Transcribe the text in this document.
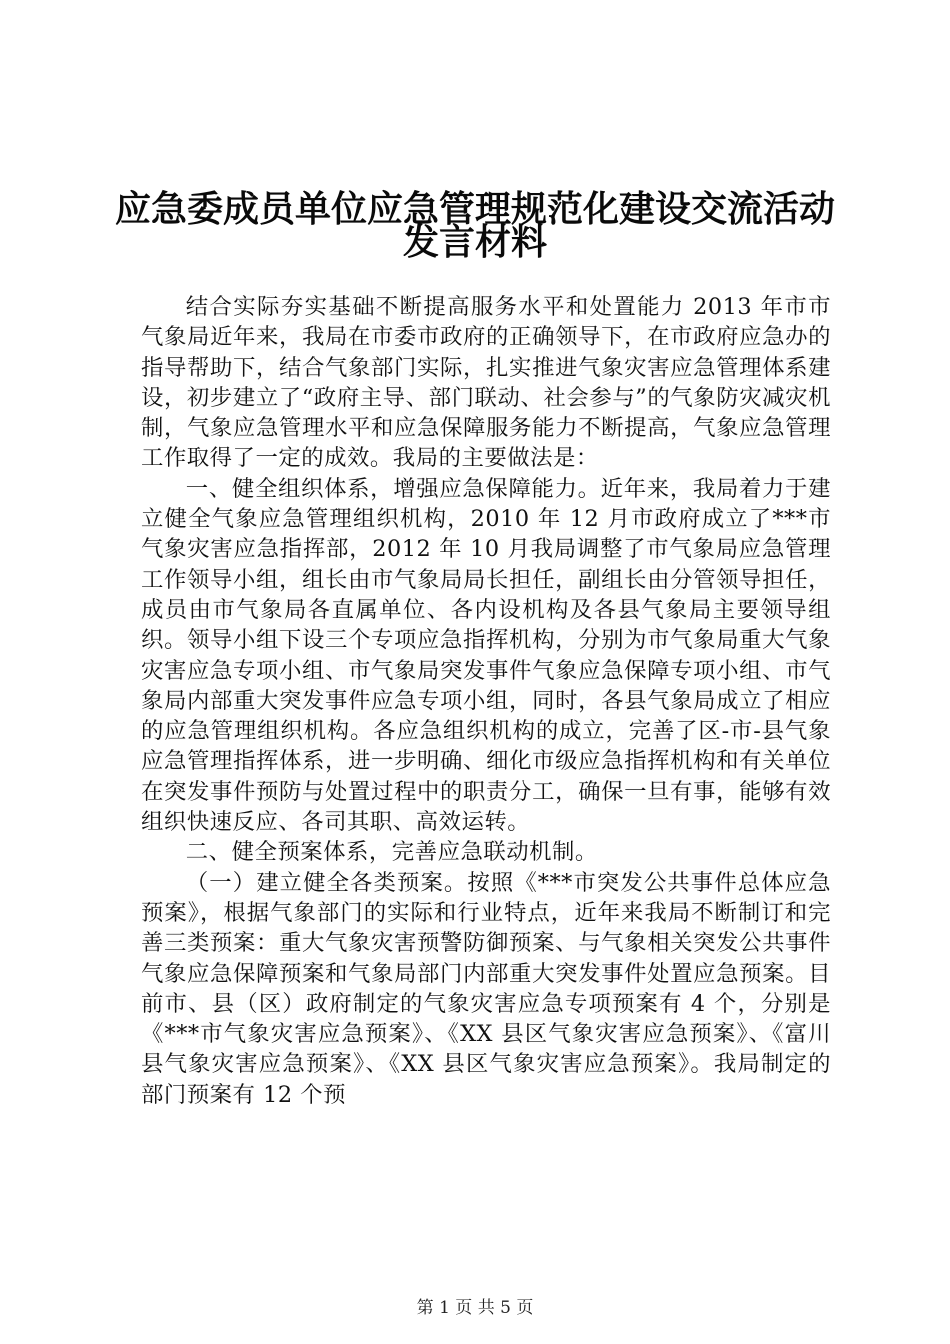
应急委成员单位应急管理规范化建设交流活动
发言材料

结合实际夯实基础不断提高服务水平和处置能力 2013 年市市气象局近年来，我局在市委市政府的正确领导下，在市政府应急办的指导帮助下，结合气象部门实际，扎实推进气象灾害应急管理体系建设，初步建立了“政府主导、部门联动、社会参与”的气象防灾减灾机制，气象应急管理水平和应急保障服务能力不断提高，气象应急管理工作取得了一定的成效。我局的主要做法是：

一、健全组织体系，增强应急保障能力。近年来，我局着力于建立健全气象应急管理组织机构，2010 年 12 月市政府成立了***市气象灾害应急指挥部，2012 年 10 月我局调整了市气象局应急管理工作领导小组，组长由市气象局局长担任，副组长由分管领导担任，成员由市气象局各直属单位、各内设机构及各县气象局主要领导组织。领导小组下设三个专项应急指挥机构，分别为市气象局重大气象灾害应急专项小组、市气象局突发事件气象应急保障专项小组、市气象局内部重大突发事件应急专项小组，同时，各县气象局成立了相应的应急管理组织机构。各应急组织机构的成立，完善了区-市-县气象应急管理指挥体系，进一步明确、细化市级应急指挥机构和有关单位在突发事件预防与处置过程中的职责分工，确保一旦有事，能够有效组织快速反应、各司其职、高效运转。

二、健全预案体系，完善应急联动机制。

（一）建立健全各类预案。按照《***市突发公共事件总体应急预案》，根据气象部门的实际和行业特点，近年来我局不断制订和完善三类预案：重大气象灾害预警防御预案、与气象相关突发公共事件气象应急保障预案和气象局部门内部重大突发事件处置应急预案。目前市、县（区）政府制定的气象灾害应急专项预案有 4 个，分别是《***市气象灾害应急预案》、《XX 县区气象灾害应急预案》、《富川县气象灾害应急预案》、《XX 县区气象灾害应急预案》。我局制定的部门预案有 12 个预

第 1 页 共 5 页
